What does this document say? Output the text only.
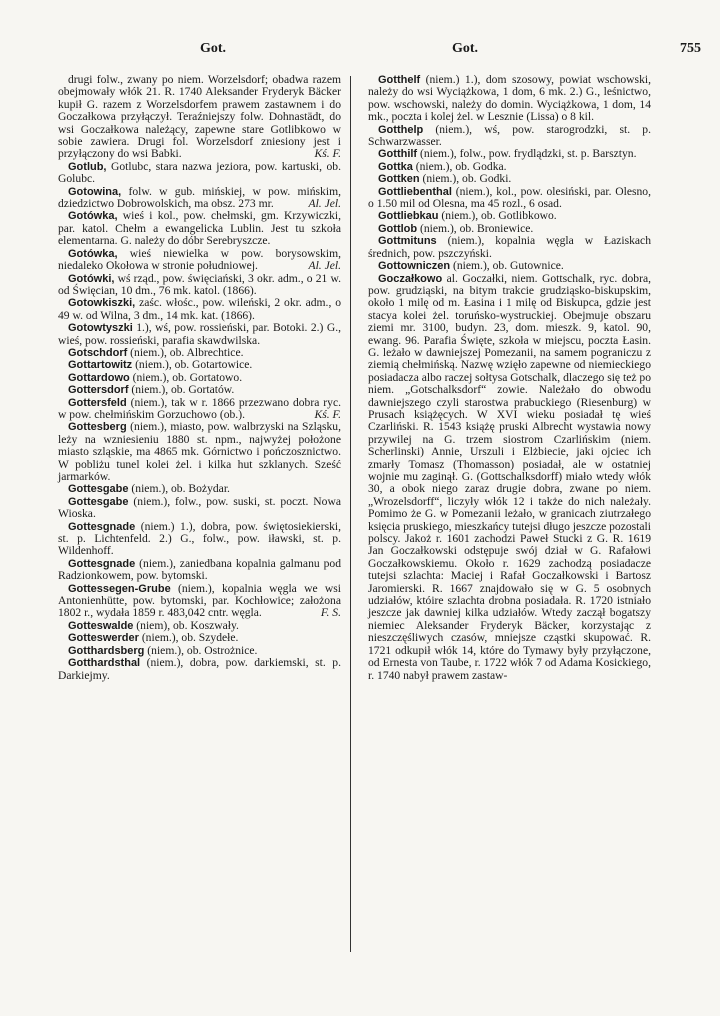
Got.	Got.	755

drugi folw., zwany po niem. Worzelsdorf; obadwa razem obejmowały włók 21. R. 1740 Aleksander Fryderyk Bäcker kupił G. razem z Worzelsdorfem prawem zastawnem i do Goczałkowa przyłączył. Teraźniejszy folw. Dohnastädt, do wsi Goczałkowa należący, zapewne stare Gotlibkowo w sobie zawiera. Drugi fol. Worzelsdorf zniesiony jest i przyłączony do wsi Babki.	Kś. F.

Gotlub, Gotlubc, stara nazwa jeziora, pow. kartuski, ob. Golubc.

Gotowina, folw. w gub. mińskiej, w pow. mińskim, dziedzictwo Dobrowolskich, ma obsz. 273 mr.	Al. Jel.

Gotówka, wieś i kol., pow. chełmski, gm. Krzywiczki, par. katol. Chełm a ewangelicka Lublin. Jest tu szkoła elementarna. G. należy do dóbr Serebryszcze.

Gotówka, wieś niewielka w pow. borysowskim, niedaleko Okołowa w stronie południowej.	Al. Jel.

Gotówki, wś rząd., pow. święciański, 3 okr. adm., o 21 w. od Święcian, 10 dm., 76 mk. katol. (1866).

Gotowkiszki, zaśc. włośc., pow. wileński, 2 okr. adm., o 49 w. od Wilna, 3 dm., 14 mk. kat. (1866).

Gotowtyszki 1.), wś, pow. rossieński, par. Botoki. 2.) G., wieś, pow. rossieński, parafia skawdwilska.

Gotschdorf (niem.), ob. Albrechtice.

Gottartowitz (niem.), ob. Gotartowice.

Gottardowo (niem.), ob. Gortatowo.

Gottersdorf (niem.), ob. Gortatów.

Gottersfeld (niem.), tak w r. 1866 przezwano dobra ryc. w pow. chełmińskim Gorzuchowo (ob.).	Kś. F.

Gottesberg (niem.), miasto, pow. walbrzyski na Szląsku, leży na wzniesieniu 1880 st. npm., najwyżej położone miasto szląskie, ma 4865 mk. Górnictwo i pończosznictwo. W pobliżu tunel kolei żel. i kilka hut szklanych. Sześć jarmarków.

Gottesgabe (niem.), ob. Bożydar.

Gottesgabe (niem.), folw., pow. suski, st. poczt. Nowa Wioska.

Gottesgnade (niem.) 1.), dobra, pow. świętosiekierski, st. p. Lichtenfeld. 2.) G., folw., pow. iławski, st. p. Wildenhoff.

Gottesgnade (niem.), zaniedbana kopalnia galmanu pod Radzionkowem, pow. bytomski.

Gottessegen-Grube (niem.), kopalnia węgla we wsi Antonienhütte, pow. bytomski, par. Kochłowice; założona 1802 r., wydała 1859 r. 483,042 cntr. węgla.	F. S.

Gotteswalde (niem), ob. Koszwały.

Gotteswerder (niem.), ob. Szydełe.

Gotthardsberg (niem.), ob. Ostrożnice.

Gotthardsthal (niem.), dobra, pow. darkiemski, st. p. Darkiejmy.

Gotthelf (niem.) 1.), dom szosowy, powiat wschowski, należy do wsi Wyciążkowa, 1 dom, 6 mk. 2.) G., leśnictwo, pow. wschowski, należy do domin. Wyciążkowa, 1 dom, 14 mk., poczta i kolej żel. w Lesznie (Lissa) o 8 kil.

Gotthelp (niem.), wś, pow. starogrodzki, st. p. Schwarzwasser.

Gotthilf (niem.), folw., pow. frydlądzki, st. p. Barsztyn.

Gottka (niem.), ob. Godka.

Gottken (niem.), ob. Godki.

Gottliebenthal (niem.), kol., pow. olesiński, par. Olesno, o 1.50 mil od Olesna, ma 45 rozl., 6 osad.

Gottliebkau (niem.), ob. Gotlibkowo.

Gottlob (niem.), ob. Bronіewice.

Gottmituns (niem.), kopalnia węgla w Łaziskach średnich, pow. pszczyński.

Gottowniczen (niem.), ob. Gutownice.

Goczałkowo al. Goczałki, niem. Gottschalk, ryc. dobra, pow. grudziąski, na bitym trakcie grudziąsko-biskupskim, około 1 milę od m. Łasina i 1 milę od Biskupca, gdzie jest stacya kolei żel. toruńsko-wystruckiej. Obejmuje obszaru ziemi mr. 3100, budyn. 23, dom. mieszk. 9, katol. 90, ewang. 96. Parafia Święte, szkoła w miejscu, poczta Łasin. G. leżało w dawniejszej Pomezanii, na samem pograniczu z ziemią chełmińską. Nazwę wzięło zapewne od niemieckiego posiadacza albo raczej sołtysa Gotschalk, dlaczego się też po niem. „Gotschalksdorf“ zowie. Należało do obwodu dawniejszego czyli starostwa prabuckiego (Riesenburg) w Prusach książęcych. W XVI wieku posiadał tę wieś Czarliński. R. 1543 książę pruski Albrecht wystawia nowy przywilej na G. trzem siostrom Czarlińskim (niem. Scherlinski) Annie, Urszuli i Elżbiecie, jaki ojciec ich zmarły Tomasz (Thomasson) posiadał, ale w ostatniej wojnie mu zaginął. G. (Gottschalksdorff) miało wtedy włók 30, a obok niego zaraz drugie dobra, zwane po niem. „Wrozelsdorff“, liczyły włók 12 i także do nich należały. Pomimo że G. w Pomezanii leżało, w granicach ziutrzałego księcia pruskiego, mieszkańcy tutejsi długo jeszcze pozostali polscy. Jakoż r. 1601 zachodzi Paweł Stucki z G. R. 1619 Jan Goczałkowski odstępuje swój dział w G. Rafałowi Goczałkowskiemu. Około r. 1629 zachodzą posiadacze tutejsi szlachta: Maciej i Rafał Goczałkowski i Bartosz Jaromierski. R. 1667 znajdowało się w G. 5 osobnych udziałów, któire szlachta drobna posiadała. R. 1720 istniało jeszcze jak dawniej kilka udziałów. Wtedy zaczął bogatszy niemiec Aleksander Fryderyk Bäcker, korzystając z nieszczęśliwych czasów, mniejsze cząstki skupować. R. 1721 odkupił włók 14, które do Tymawy były przyłączone, od Ernesta von Taube, r. 1722 włók 7 od Adama Kosickiego, r. 1740 nabył prawem zastaw-
